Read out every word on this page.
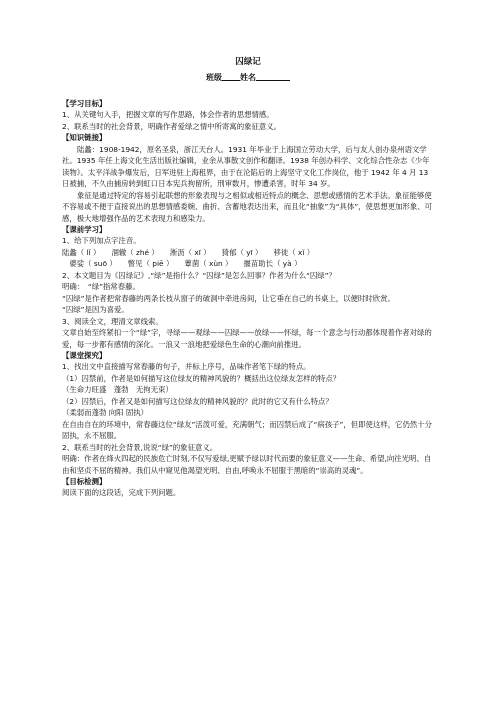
囚绿记
班级 姓名

【学习目标】

1、从关键句入手，把握文章的写作思路，体会作者的思想情感。

2、联系当时的社会背景，明确作者爱绿之情中所寄寓的象征意义。

【知识链接】

陆蠡：1908-1942，原名圣泉，浙江天台人。1931 年毕业于上海国立劳动大学，后与友人创办泉州语文学社。1935 年任上海文化生活出版社编辑，业余从事散文创作和翻译。1938 年创办科学、文化综合性杂志《少年读物》。太平洋战争爆发后，日军进驻上海租界，由于在沦陷后的上海坚守文化工作岗位，他于 1942 年 4 月 13 日被捕，不久由捕房转到虹口日本宪兵拘留所，刑审数月，惨遭杀害，时年 34 岁。

象征是通过特定的容易引起联想的形象表现与之相似或相近特点的概念、思想或感情的艺术手法。象征能够使不容易或不便于直接说出的思想情感委婉、曲折、含蓄地表达出来，而且化“抽象”为“具体”，使思想更加形象、可感，极大地增强作品的艺术表现力和感染力。

【课前学习】

1、给下列加点字注音。

陆蠡（ lǐ ）　　涸辙（ zhé ）　　淅沥（ xī ）　　猗郁（ yī ）　　移徙（ xǐ ）

　婆娑（ suō ）　　瞥见（ piē ）　　蕈菌（ xùn ）　　揠苗助长（ yà ）

2、本文题目为《囚绿记》,“绿”是指什么？“囚绿”是怎么回事？作者为什么“囚绿”？

明确：　“绿”指常春藤。

“囚绿”是作者把常春藤的两条长枝从窗子的破洞中牵进房间，让它垂在自己的书桌上，以便时时欣赏。

“囚绿”是因为喜爱。

3、阅读全文，理清文章线索。

文章自始至终紧扣一个“绿”字，寻绿——观绿——囚绿——放绿——怀绿，每一个意念与行动都体现着作者对绿的爱，每一步都有感情的深化。一浪又一浪地把爱绿色生命的心潮向前推进。

【课堂探究】

1、找出文中直接描写常春藤的句子，并标上序号，品味作者笔下绿的特点。

（1）囚禁前，作者是如何描写这位绿友的精神风貌的？概括出这位绿友怎样的特点？

（生命力旺盛　蓬勃　无拘无束）

（2）囚禁后，作者又是如何描写这位绿友的精神风貌的？此时的它又有什么特点？

（柔弱而蓬勃 向阳 固执）

在自由自在的环境中，常春藤这位“绿友”活泼可爱，充满朝气；而囚禁后成了“病孩子”，但即使这样，它仍然十分固执，永不屈服。

2、联系当时的社会背景,说说“绿”的象征意义。

明确：作者在烽火四起的民族危亡时刻,不仅写爱绿,更赋予绿以时代而要的象征意义——生命、希望,向往光明、自由和坚贞不屈的精神。我们从中窥见他渴望光明、自由,呼唤永不屈服于黑暗的“崇高的灵魂”。

【目标检测】

阅读下面的这段话，完成下列问题。
